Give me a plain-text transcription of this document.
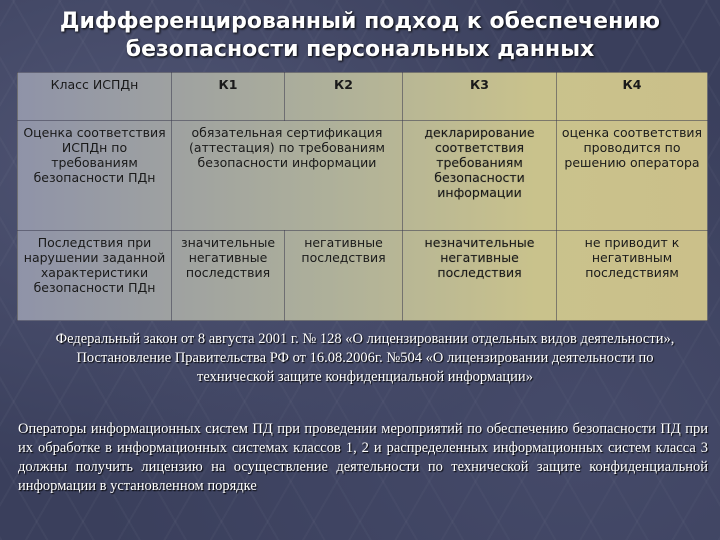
Дифференцированный подход к обеспечению
безопасности персональных данных
Класс ИСПДн	К1	К2	К3	К4
Оценка соответствия ИСПДн по требованиям безопасности ПДн	обязательная сертификация (аттестация) по требованиям безопасности информации		декларирование соответствия требованиям безопасности информации	оценка соответствия проводится по решению оператора
Последствия при нарушении заданной характеристики безопасности ПДн	значительные негативные последствия	негативные последствия	незначительные негативные последствия	не приводит к негативным последствиям
Федеральный закон от 8 августа 2001 г. № 128 «О лицензировании отдельных видов деятельности», Постановление Правительства РФ от 16.08.2006г. №504 «О лицензировании деятельности по технической защите конфиденциальной информации»
Операторы информационных систем ПД при проведении мероприятий по обеспечению безопасности ПД при их обработке в информационных системах классов 1, 2 и распределенных информационных систем класса 3 должны получить лицензию на осуществление деятельности по технической защите конфиденциальной информации в установленном порядке
